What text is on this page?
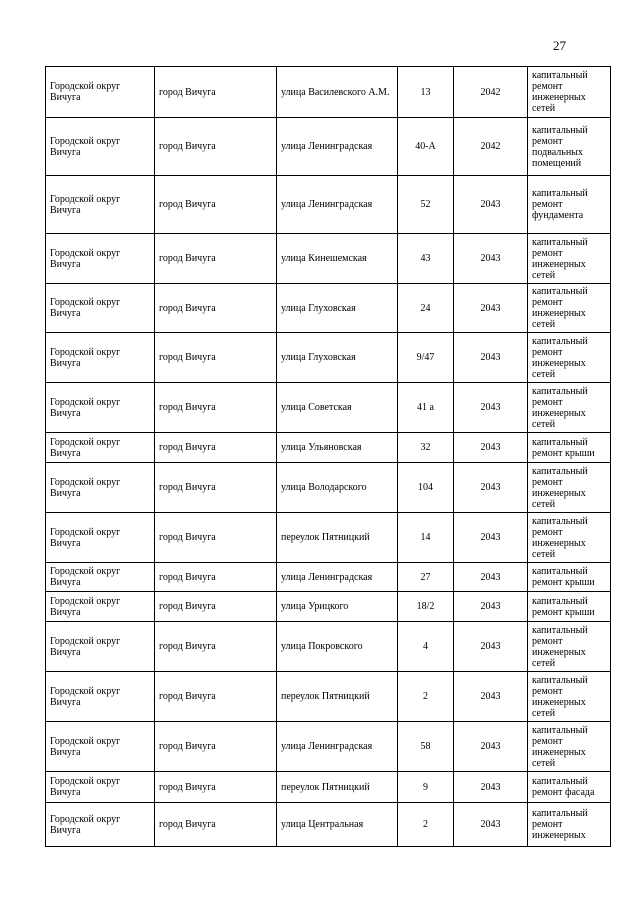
27
Городской округ Вичуга	город Вичуга	улица Василевского А.М.	13	2042	капитальный ремонт инженерных сетей
Городской округ Вичуга	город Вичуга	улица Ленинградская	40-А	2042	капитальный ремонт подвальных помещений
Городской округ Вичуга	город Вичуга	улица Ленинградская	52	2043	капитальный ремонт фундамента
Городской округ Вичуга	город Вичуга	улица Кинешемская	43	2043	капитальный ремонт инженерных сетей
Городской округ Вичуга	город Вичуга	улица Глуховская	24	2043	капитальный ремонт инженерных сетей
Городской округ Вичуга	город Вичуга	улица Глуховская	9/47	2043	капитальный ремонт инженерных сетей
Городской округ Вичуга	город Вичуга	улица Советская	41 а	2043	капитальный ремонт инженерных сетей
Городской округ Вичуга	город Вичуга	улица Ульяновская	32	2043	капитальный ремонт крыши
Городской округ Вичуга	город Вичуга	улица Володарского	104	2043	капитальный ремонт инженерных сетей
Городской округ Вичуга	город Вичуга	переулок Пятницкий	14	2043	капитальный ремонт инженерных сетей
Городской округ Вичуга	город Вичуга	улица Ленинградская	27	2043	капитальный ремонт крыши
Городской округ Вичуга	город Вичуга	улица Урицкого	18/2	2043	капитальный ремонт крыши
Городской округ Вичуга	город Вичуга	улица Покровского	4	2043	капитальный ремонт инженерных сетей
Городской округ Вичуга	город Вичуга	переулок Пятницкий	2	2043	капитальный ремонт инженерных сетей
Городской округ Вичуга	город Вичуга	улица Ленинградская	58	2043	капитальный ремонт инженерных сетей
Городской округ Вичуга	город Вичуга	переулок Пятницкий	9	2043	капитальный ремонт фасада
Городской округ Вичуга	город Вичуга	улица Центральная	2	2043	капитальный ремонт инженерных
